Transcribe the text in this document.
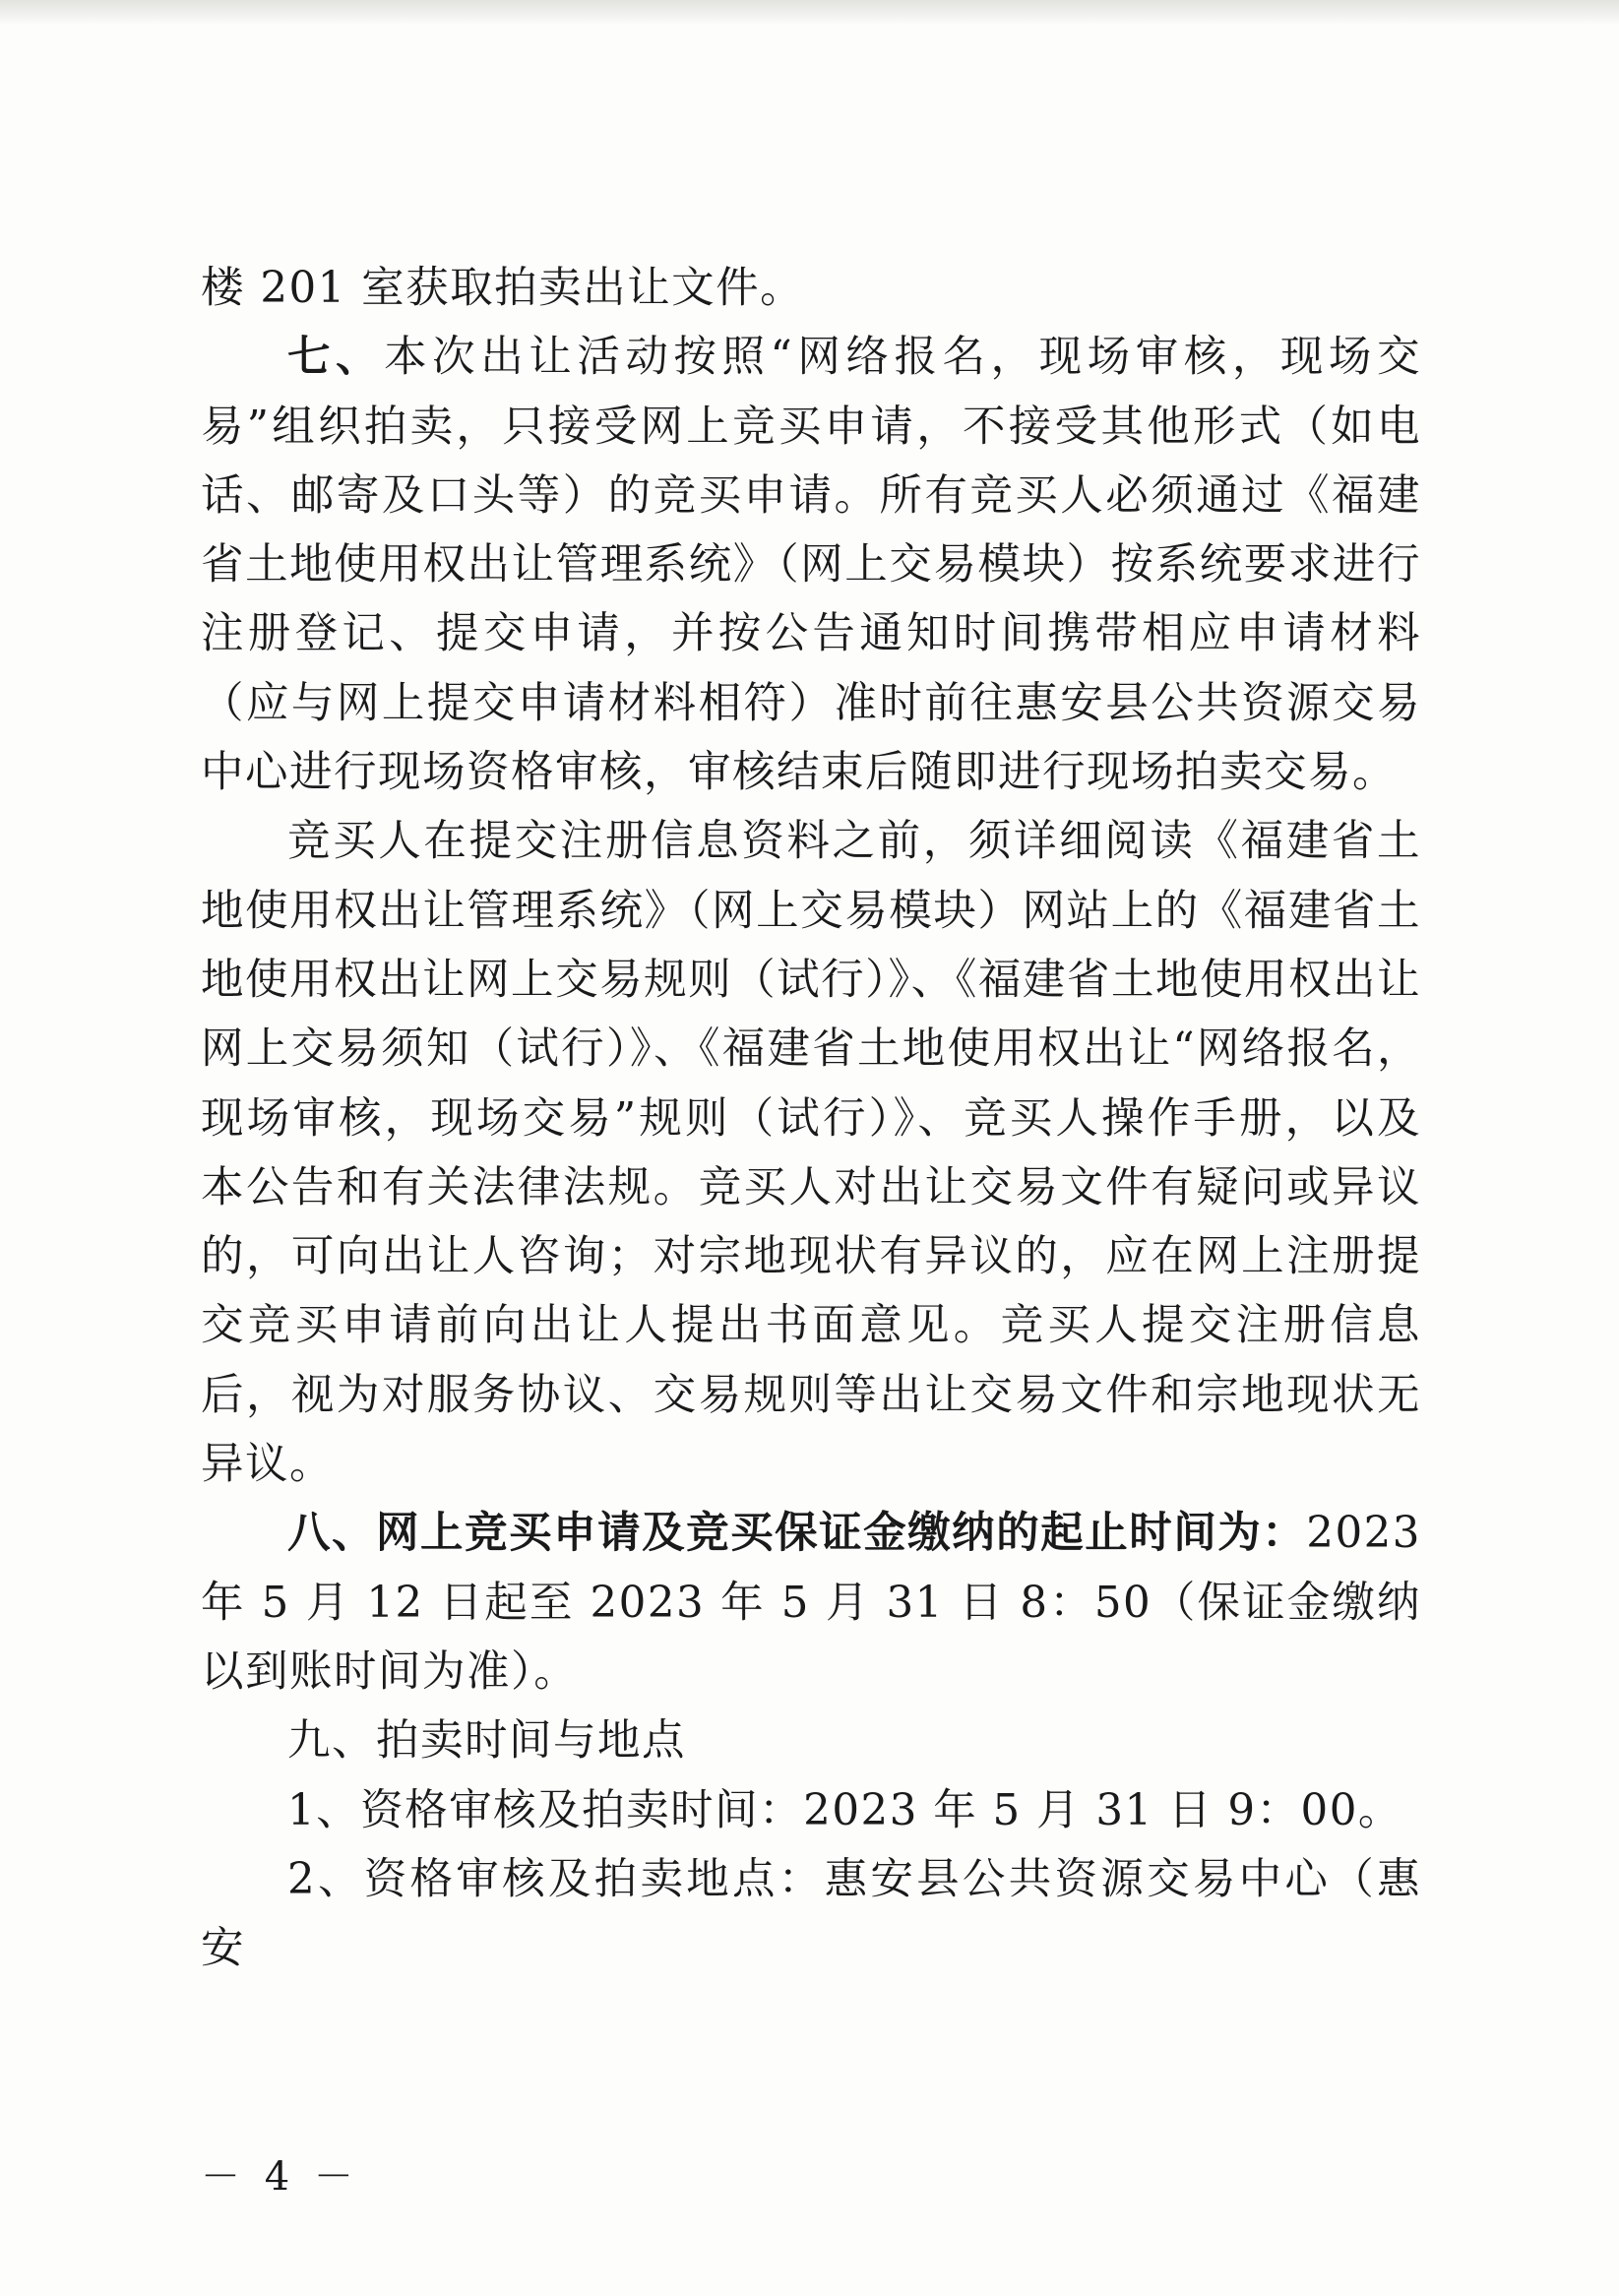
楼 201 室获取拍卖出让文件。

七、本次出让活动按照“网络报名，现场审核，现场交易”组织拍卖，只接受网上竞买申请，不接受其他形式（如电话、邮寄及口头等）的竞买申请。所有竞买人必须通过《福建省土地使用权出让管理系统》（网上交易模块）按系统要求进行注册登记、提交申请，并按公告通知时间携带相应申请材料（应与网上提交申请材料相符）准时前往惠安县公共资源交易中心进行现场资格审核，审核结束后随即进行现场拍卖交易。

竞买人在提交注册信息资料之前，须详细阅读《福建省土地使用权出让管理系统》（网上交易模块）网站上的《福建省土地使用权出让网上交易规则（试行）》、《福建省土地使用权出让网上交易须知（试行）》、《福建省土地使用权出让“网络报名，现场审核，现场交易”规则（试行）》、竞买人操作手册，以及本公告和有关法律法规。竞买人对出让交易文件有疑问或异议的，可向出让人咨询；对宗地现状有异议的，应在网上注册提交竞买申请前向出让人提出书面意见。竞买人提交注册信息后，视为对服务协议、交易规则等出让交易文件和宗地现状无异议。

八、网上竞买申请及竞买保证金缴纳的起止时间为：2023 年 5 月 12 日起至 2023 年 5 月 31 日 8：50（保证金缴纳以到账时间为准）。

九、拍卖时间与地点

1、资格审核及拍卖时间：2023 年 5 月 31 日 9：00。

2、资格审核及拍卖地点：惠安县公共资源交易中心（惠安

－ 4 －
